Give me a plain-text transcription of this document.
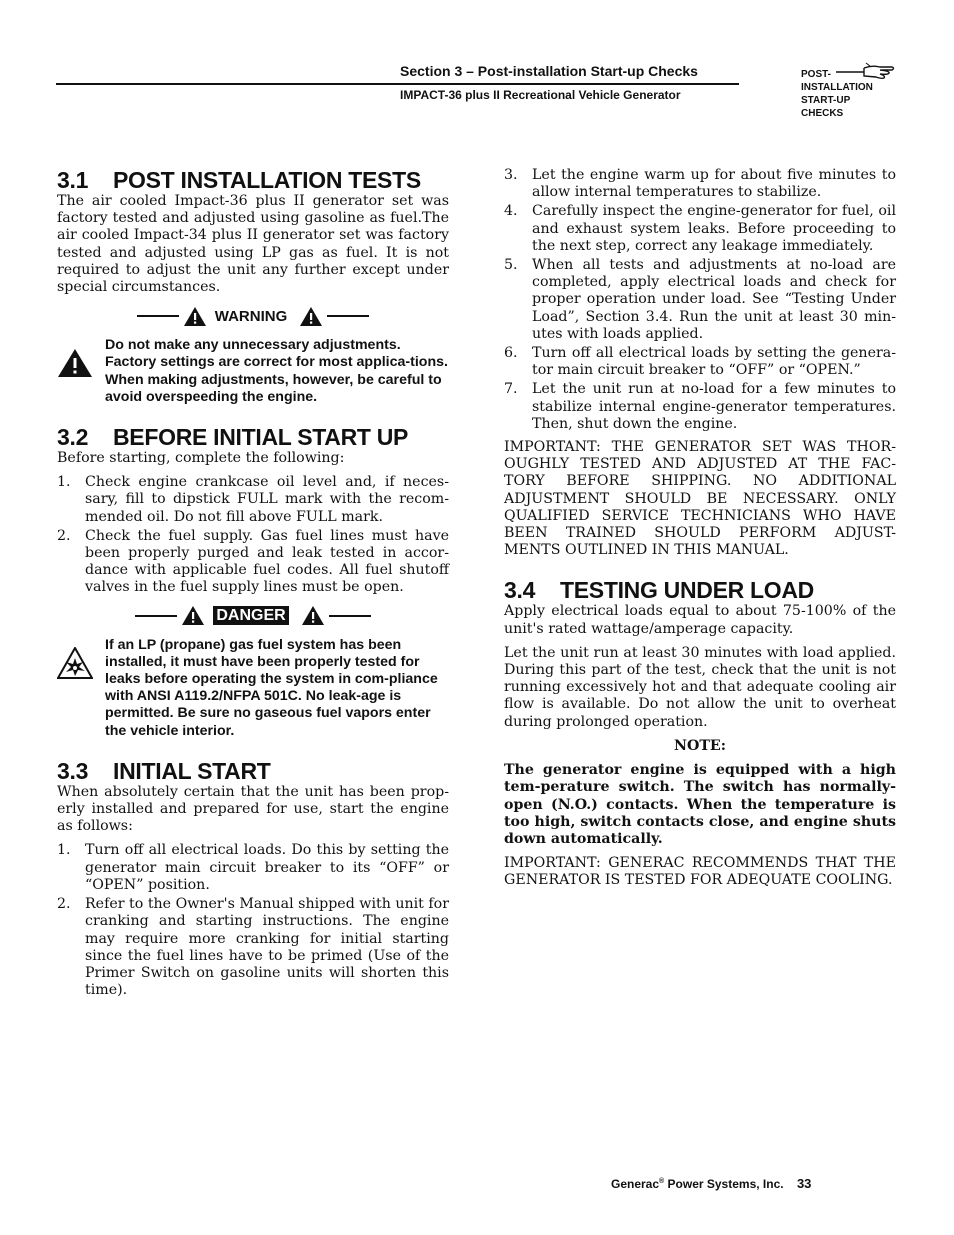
Section 3 – Post-installation Start-up Checks
IMPACT-36 plus II Recreational Vehicle Generator
POST-
INSTALLATION
START-UP
CHECKS
3.1 POST INSTALLATION TESTS

The air cooled Impact-36 plus II generator set was factory tested and adjusted using gasoline as fuel.The air cooled Impact-34 plus II generator set was factory tested and adjusted using LP gas as fuel. It is not required to adjust the unit any further except under special circumstances.

WARNING
Do not make any unnecessary adjustments. Factory settings are correct for most applica-tions. When making adjustments, however, be careful to avoid overspeeding the engine.
3.2 BEFORE INITIAL START UP

Before starting, complete the following:

1. Check engine crankcase oil level and, if neces-sary, fill to dipstick FULL mark with the recom-mended oil. Do not fill above FULL mark.
2. Check the fuel supply. Gas fuel lines must have been properly purged and leak tested in accor-dance with applicable fuel codes. All fuel shutoff valves in the fuel supply lines must be open.
DANGER
If an LP (propane) gas fuel system has been installed, it must have been properly tested for leaks before operating the system in com-pliance with ANSI A119.2/NFPA 501C. No leak-age is permitted. Be sure no gaseous fuel vapors enter the vehicle interior.
3.3 INITIAL START

When absolutely certain that the unit has been prop-erly installed and prepared for use, start the engine as follows:

1. Turn off all electrical loads. Do this by setting the generator main circuit breaker to its “OFF” or “OPEN” position.
2. Refer to the Owner's Manual shipped with unit for cranking and starting instructions. The engine may require more cranking for initial starting since the fuel lines have to be primed (Use of the Primer Switch on gasoline units will shorten this time).
3. Let the engine warm up for about five minutes to allow internal temperatures to stabilize.
4. Carefully inspect the engine-generator for fuel, oil and exhaust system leaks. Before proceeding to the next step, correct any leakage immediately.
5. When all tests and adjustments at no-load are completed, apply electrical loads and check for proper operation under load. See “Testing Under Load”, Section 3.4. Run the unit at least 30 min-utes with loads applied.
6. Turn off all electrical loads by setting the genera-tor main circuit breaker to “OFF” or “OPEN.”
7. Let the unit run at no-load for a few minutes to stabilize internal engine-generator temperatures. Then, shut down the engine.

IMPORTANT: THE GENERATOR SET WAS THOR-OUGHLY TESTED AND ADJUSTED AT THE FAC-TORY BEFORE SHIPPING. NO ADDITIONAL ADJUSTMENT SHOULD BE NECESSARY. ONLY QUALIFIED SERVICE TECHNICIANS WHO HAVE BEEN TRAINED SHOULD PERFORM ADJUST-MENTS OUTLINED IN THIS MANUAL.

3.4 TESTING UNDER LOAD

Apply electrical loads equal to about 75-100% of the unit's rated wattage/amperage capacity.

Let the unit run at least 30 minutes with load applied. During this part of the test, check that the unit is not running excessively hot and that adequate cooling air flow is available. Do not allow the unit to overheat during prolonged operation.

NOTE:

The generator engine is equipped with a high tem-perature switch. The switch has normally-open (N.O.) contacts. When the temperature is too high, switch contacts close, and engine shuts down automatically.

IMPORTANT: GENERAC RECOMMENDS THAT THE GENERATOR IS TESTED FOR ADEQUATE COOLING.

Generac® Power Systems, Inc. 33
